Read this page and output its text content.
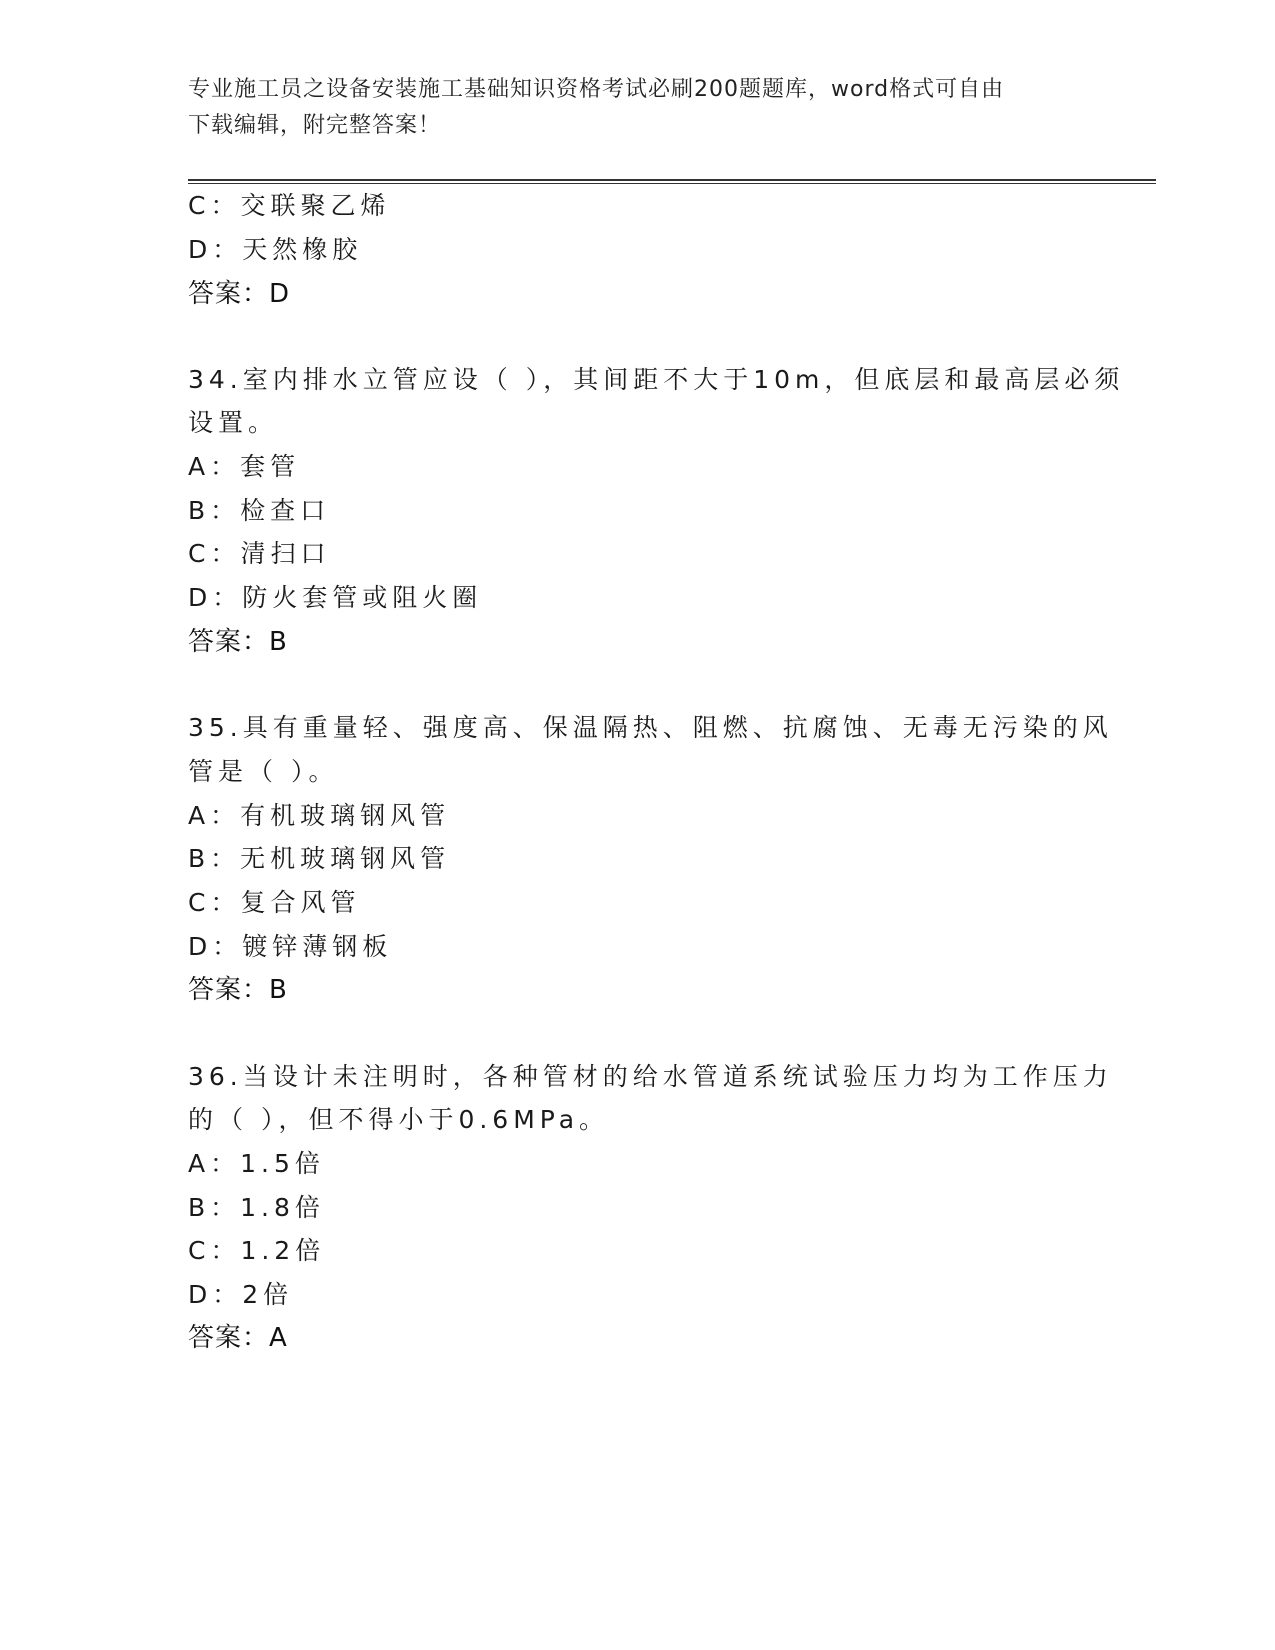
专业施工员之设备安装施工基础知识资格考试必刷200题题库，word格式可自由
下载编辑，附完整答案！
C：交联聚乙烯
D：天然橡胶
答案：D
34.室内排水立管应设（ ），其间距不大于10m，但底层和最高层必须
设置。
A：套管
B：检查口
C：清扫口
D：防火套管或阻火圈
答案：B
35.具有重量轻、强度高、保温隔热、阻燃、抗腐蚀、无毒无污染的风
管是（ ）。
A：有机玻璃钢风管
B：无机玻璃钢风管
C：复合风管
D：镀锌薄钢板
答案：B
36.当设计未注明时，各种管材的给水管道系统试验压力均为工作压力
的（ ），但不得小于0.6MPa。
A：1.5倍
B：1.8倍
C：1.2倍
D：2倍
答案：A
